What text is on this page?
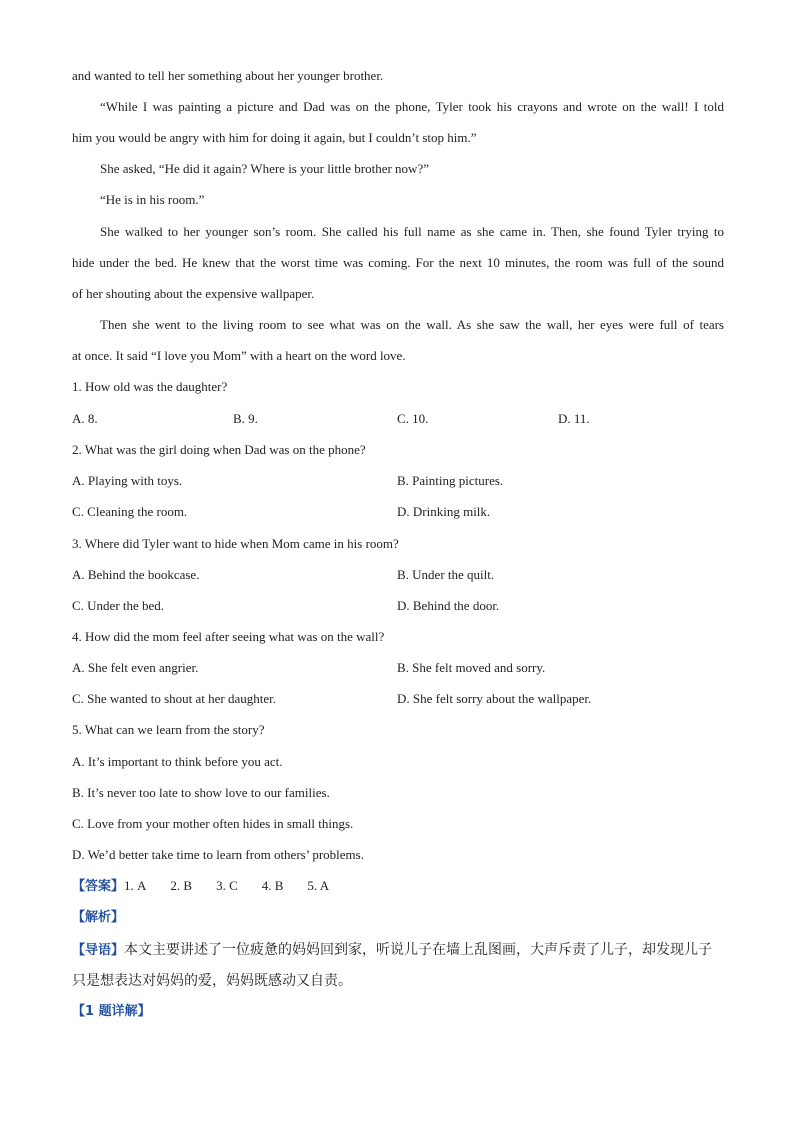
and wanted to tell her something about her younger brother.
“While I was painting a picture and Dad was on the phone, Tyler took his crayons and wrote on the wall! I told
him you would be angry with him for doing it again, but I couldn’t stop him.”
She asked, “He did it again? Where is your little brother now?”
“He is in his room.”
She walked to her younger son’s room. She called his full name as she came in. Then, she found Tyler trying to
hide under the bed. He knew that the worst time was coming. For the next 10 minutes, the room was full of the sound
of her shouting about the expensive wallpaper.
Then she went to the living room to see what was on the wall. As she saw the wall, her eyes were full of tears
at once. It said “I love you Mom” with a heart on the word love.
1. How old was the daughter?
A. 8.	B. 9.	C. 10.	D. 11.
2. What was the girl doing when Dad was on the phone?
A. Playing with toys.	B. Painting pictures.
C. Cleaning the room.	D. Drinking milk.
3. Where did Tyler want to hide when Mom came in his room?
A. Behind the bookcase.	B. Under the quilt.
C. Under the bed.	D. Behind the door.
4. How did the mom feel after seeing what was on the wall?
A. She felt even angrier.	B. She felt moved and sorry.
C. She wanted to shout at her daughter.	D. She felt sorry about the wallpaper.
5. What can we learn from the story?
A. It’s important to think before you act.
B. It’s never too late to show love to our families.
C. Love from your mother often hides in small things.
D. We’d better take time to learn from others’ problems.
【答案】1. A 2. B 3. C 4. B 5. A
【解析】
【导语】本文主要讲述了一位疲惫的妈妈回到家，听说儿子在墙上乱图画，大声斥责了儿子，却发现儿子
只是想表达对妈妈的爱，妈妈既感动又自责。
【1 题详解】
